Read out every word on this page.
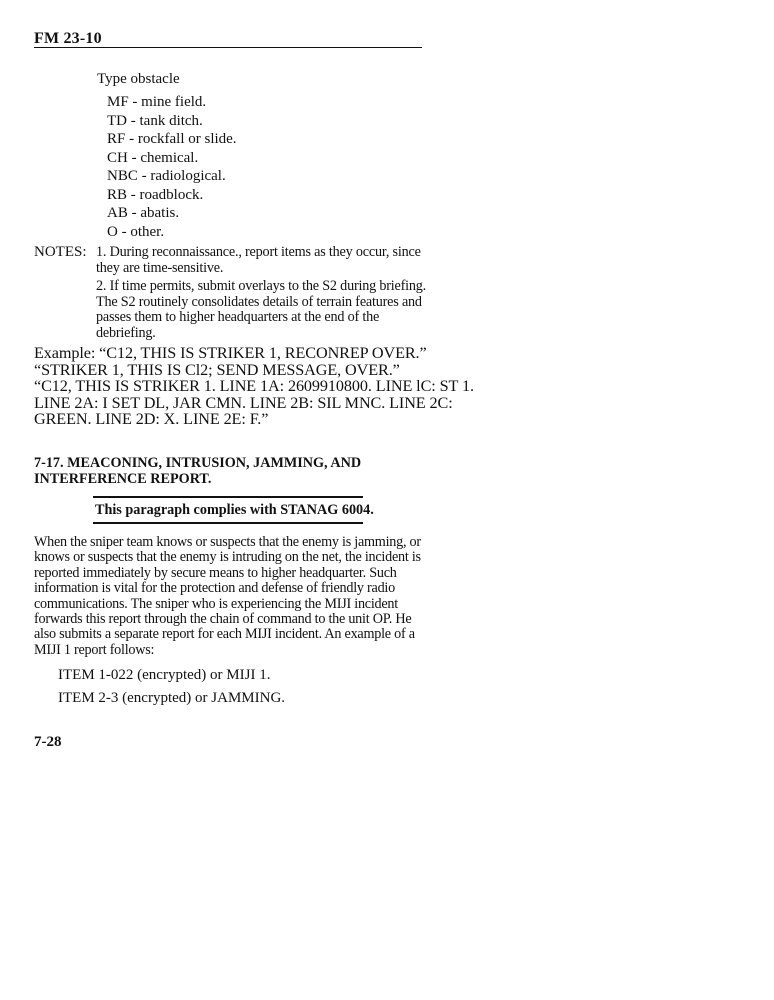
FM 23-10
Type obstacle
MF - mine field.
TD - tank ditch.
RF - rockfall or slide.
CH - chemical.
NBC - radiological.
RB - roadblock.
AB - abatis.
O - other.
NOTES: 1. During reconnaissance., report items as they occur, since they are time-sensitive.
2. If time permits, submit overlays to the S2 during briefing. The S2 routinely consolidates details of terrain features and passes them to higher headquarters at the end of the debriefing.

Example: “C12, THIS IS STRIKER 1, RECONREP OVER.”

“STRIKER 1, THIS IS Cl2; SEND MESSAGE, OVER.”

“C12, THIS IS STRIKER 1. LINE 1A: 2609910800. LINE lC: ST 1.

LINE 2A: I SET DL, JAR CMN. LINE 2B: SIL MNC. LINE 2C:

GREEN. LINE 2D: X. LINE 2E: F.”

7-17. MEACONING, INTRUSION, JAMMING, AND INTERFERENCE REPORT.
This paragraph complies with STANAG 6004.
When the sniper team knows or suspects that the enemy is jamming, or
knows or suspects that the enemy is intruding on the net, the incident is
reported immediately by secure means to higher headquarter. Such
information is vital for the protection and defense of friendly radio
communications. The sniper who is experiencing the MIJI incident
forwards this report through the chain of command to the unit OP. He
also submits a separate report for each MIJI incident. An example of a
MIJI 1 report follows:
ITEM 1-022 (encrypted) or MIJI 1.
ITEM 2-3 (encrypted) or JAMMING.
7-28
